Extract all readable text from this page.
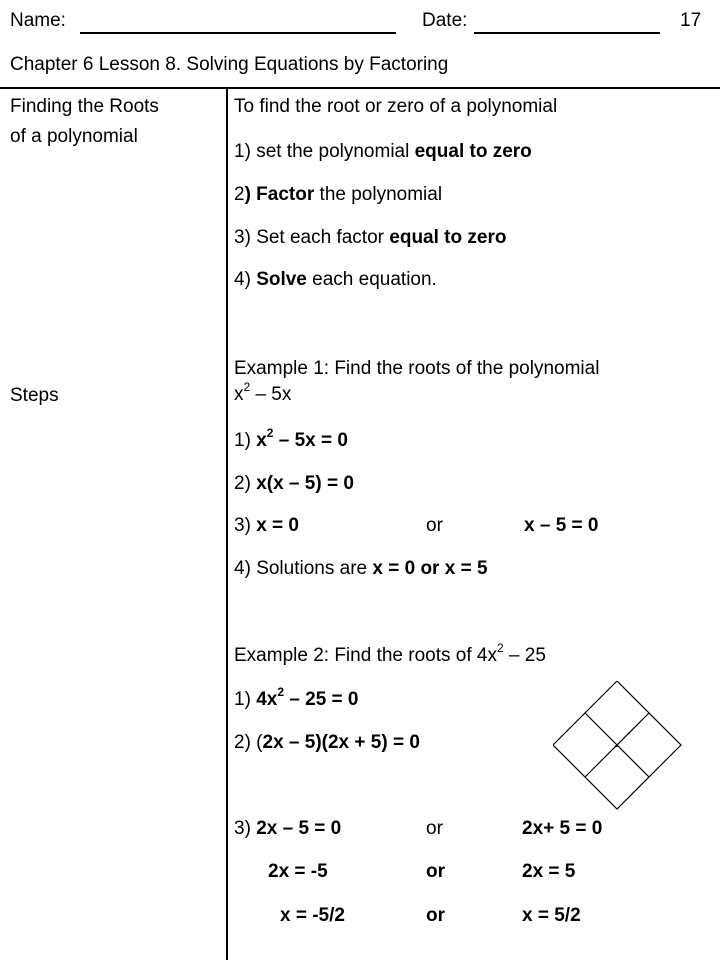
Name:	Date:	17
Chapter 6 Lesson 8. Solving Equations by Factoring
Finding the Roots
of a polynomial
Steps
To find the root or zero of a polynomial
1) set the polynomial equal to zero
2) Factor the polynomial
3) Set each factor equal to zero
4) Solve each equation.
Example 1: Find the roots of the polynomial
$x^2 - 5x$
1) $x^2 - 5x = 0$
2) x(x – 5) = 0
3) x = 0	or	x – 5 = 0
4) Solutions are x = 0 or x = 5
Example 2: Find the roots of $4x^2 - 25$
1) $4x^2 - 25 = 0$
2) (2x – 5)(2x + 5) = 0	-
3) 2x – 5 = 0	or	2x+ 5 = 0
2x = -5	or	2x = 5
x = -5/2	or	x = 5/2
